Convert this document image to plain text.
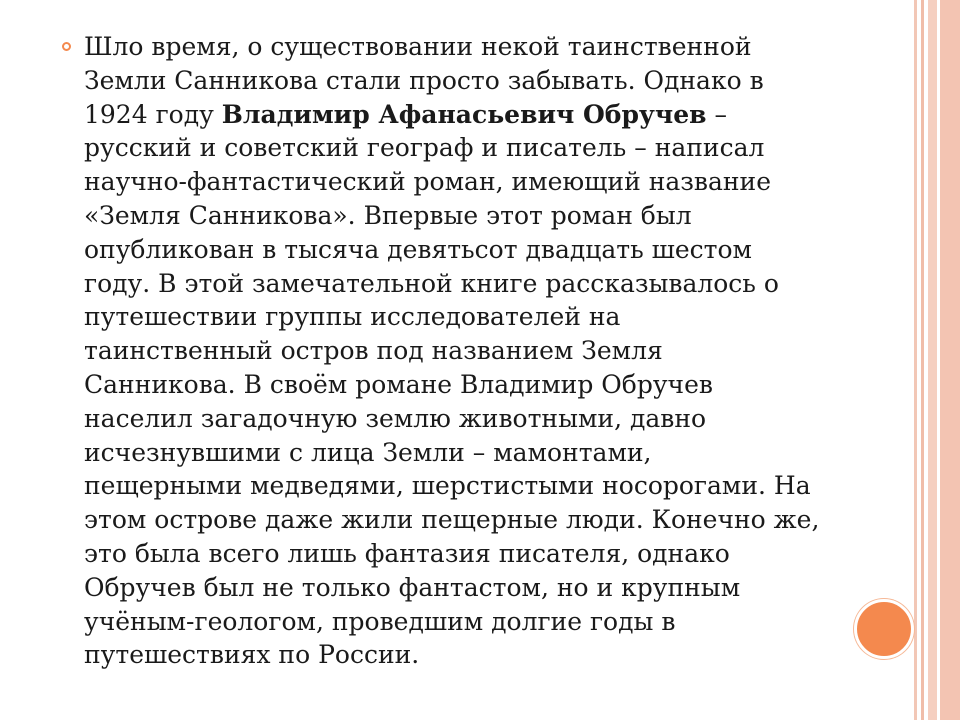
Шло время, о существовании некой таинственной
Земли Санникова стали просто забывать. Однако в
1924 году Владимир Афанасьевич Обручев –
русский и советский географ и писатель – написал
научно-фантастический роман, имеющий название
«Земля Санникова». Впервые этот роман был
опубликован в тысяча девятьсот двадцать шестом
году. В этой замечательной книге рассказывалось о
путешествии группы исследователей на
таинственный остров под названием Земля
Санникова. В своём романе Владимир Обручев
населил загадочную землю животными, давно
исчезнувшими с лица Земли – мамонтами,
пещерными медведями, шерстистыми носорогами. На
этом острове даже жили пещерные люди. Конечно же,
это была всего лишь фантазия писателя, однако
Обручев был не только фантастом, но и крупным
учёным-геологом, проведшим долгие годы в
путешествиях по России.
